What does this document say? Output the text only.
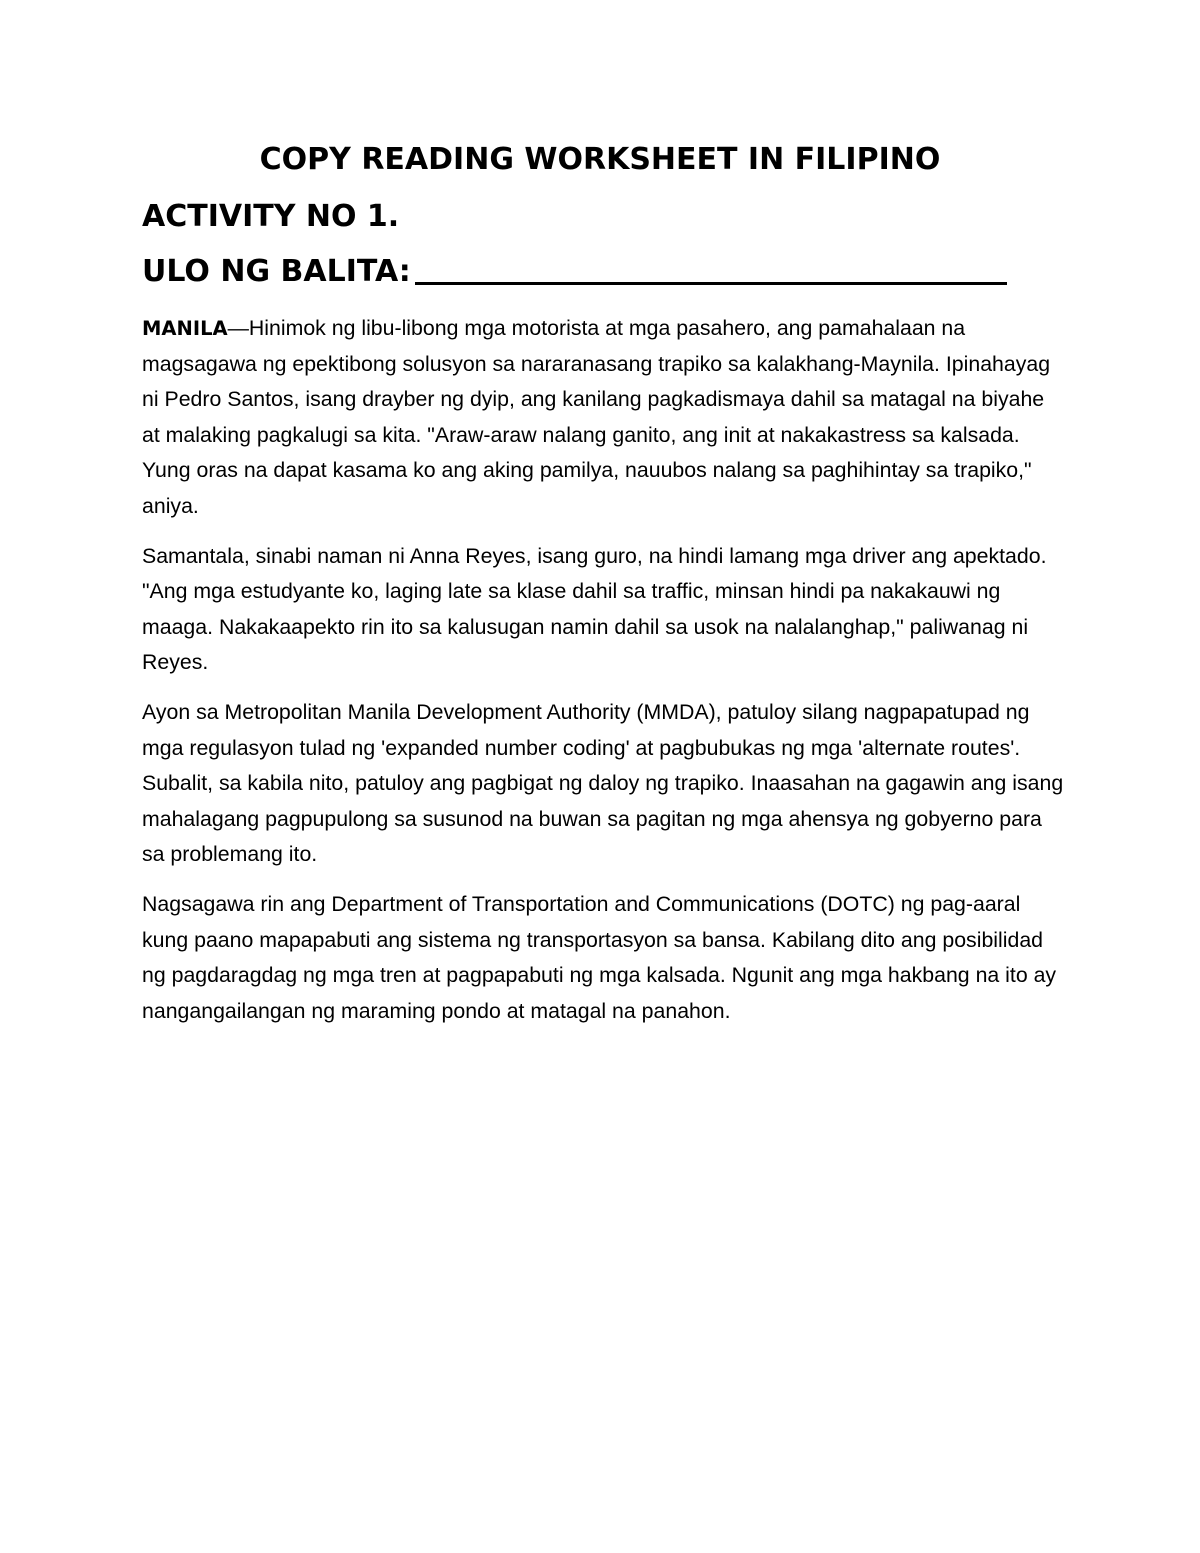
COPY READING WORKSHEET IN FILIPINO
ACTIVITY NO 1.
ULO NG BALITA:

MANILA—Hinimok ng libu-libong mga motorista at mga pasahero, ang pamahalaan na magsagawa ng epektibong solusyon sa nararanasang trapiko sa kalakhang-Maynila. Ipinahayag ni Pedro Santos, isang drayber ng dyip, ang kanilang pagkadismaya dahil sa matagal na biyahe at malaking pagkalugi sa kita. "Araw-araw nalang ganito, ang init at nakakastress sa kalsada. Yung oras na dapat kasama ko ang aking pamilya, nauubos nalang sa paghihintay sa trapiko," aniya.

Samantala, sinabi naman ni Anna Reyes, isang guro, na hindi lamang mga driver ang apektado. "Ang mga estudyante ko, laging late sa klase dahil sa traffic, minsan hindi pa nakakauwi ng maaga. Nakakaapekto rin ito sa kalusugan namin dahil sa usok na nalalanghap," paliwanag ni Reyes.

Ayon sa Metropolitan Manila Development Authority (MMDA), patuloy silang nagpapatupad ng mga regulasyon tulad ng 'expanded number coding' at pagbubukas ng mga 'alternate routes'. Subalit, sa kabila nito, patuloy ang pagbigat ng daloy ng trapiko. Inaasahan na gagawin ang isang mahalagang pagpupulong sa susunod na buwan sa pagitan ng mga ahensya ng gobyerno para sa problemang ito.

Nagsagawa rin ang Department of Transportation and Communications (DOTC) ng pag-aaral kung paano mapapabuti ang sistema ng transportasyon sa bansa. Kabilang dito ang posibilidad ng pagdaragdag ng mga tren at pagpapabuti ng mga kalsada. Ngunit ang mga hakbang na ito ay nangangailangan ng maraming pondo at matagal na panahon.
